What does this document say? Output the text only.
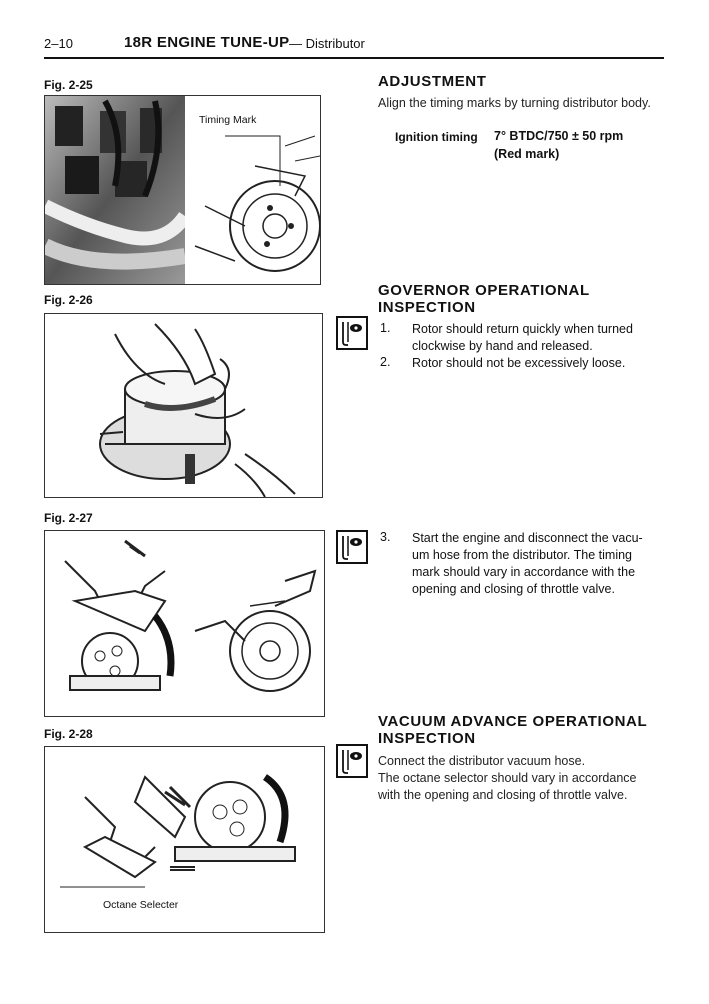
2–10	18R ENGINE TUNE-UP — Distributor
Fig. 2-25
Timing Mark
Fig. 2-26
Fig. 2-27
Fig. 2-28
Octane Selecter
ADJUSTMENT
Align the timing marks by turning distributor body.
Ignition timing 7° BTDC/750 ± 50 rpm
(Red mark)
GOVERNOR OPERATIONAL
INSPECTION
1. Rotor should return quickly when turned
clockwise by hand and released.
2. Rotor should not be excessively loose.
3. Start the engine and disconnect the vacu-
um hose from the distributor. The timing
mark should vary in accordance with the
opening and closing of throttle valve.
VACUUM ADVANCE OPERATIONAL
INSPECTION
Connect the distributor vacuum hose.
The octane selector should vary in accordance
with the opening and closing of throttle valve.
